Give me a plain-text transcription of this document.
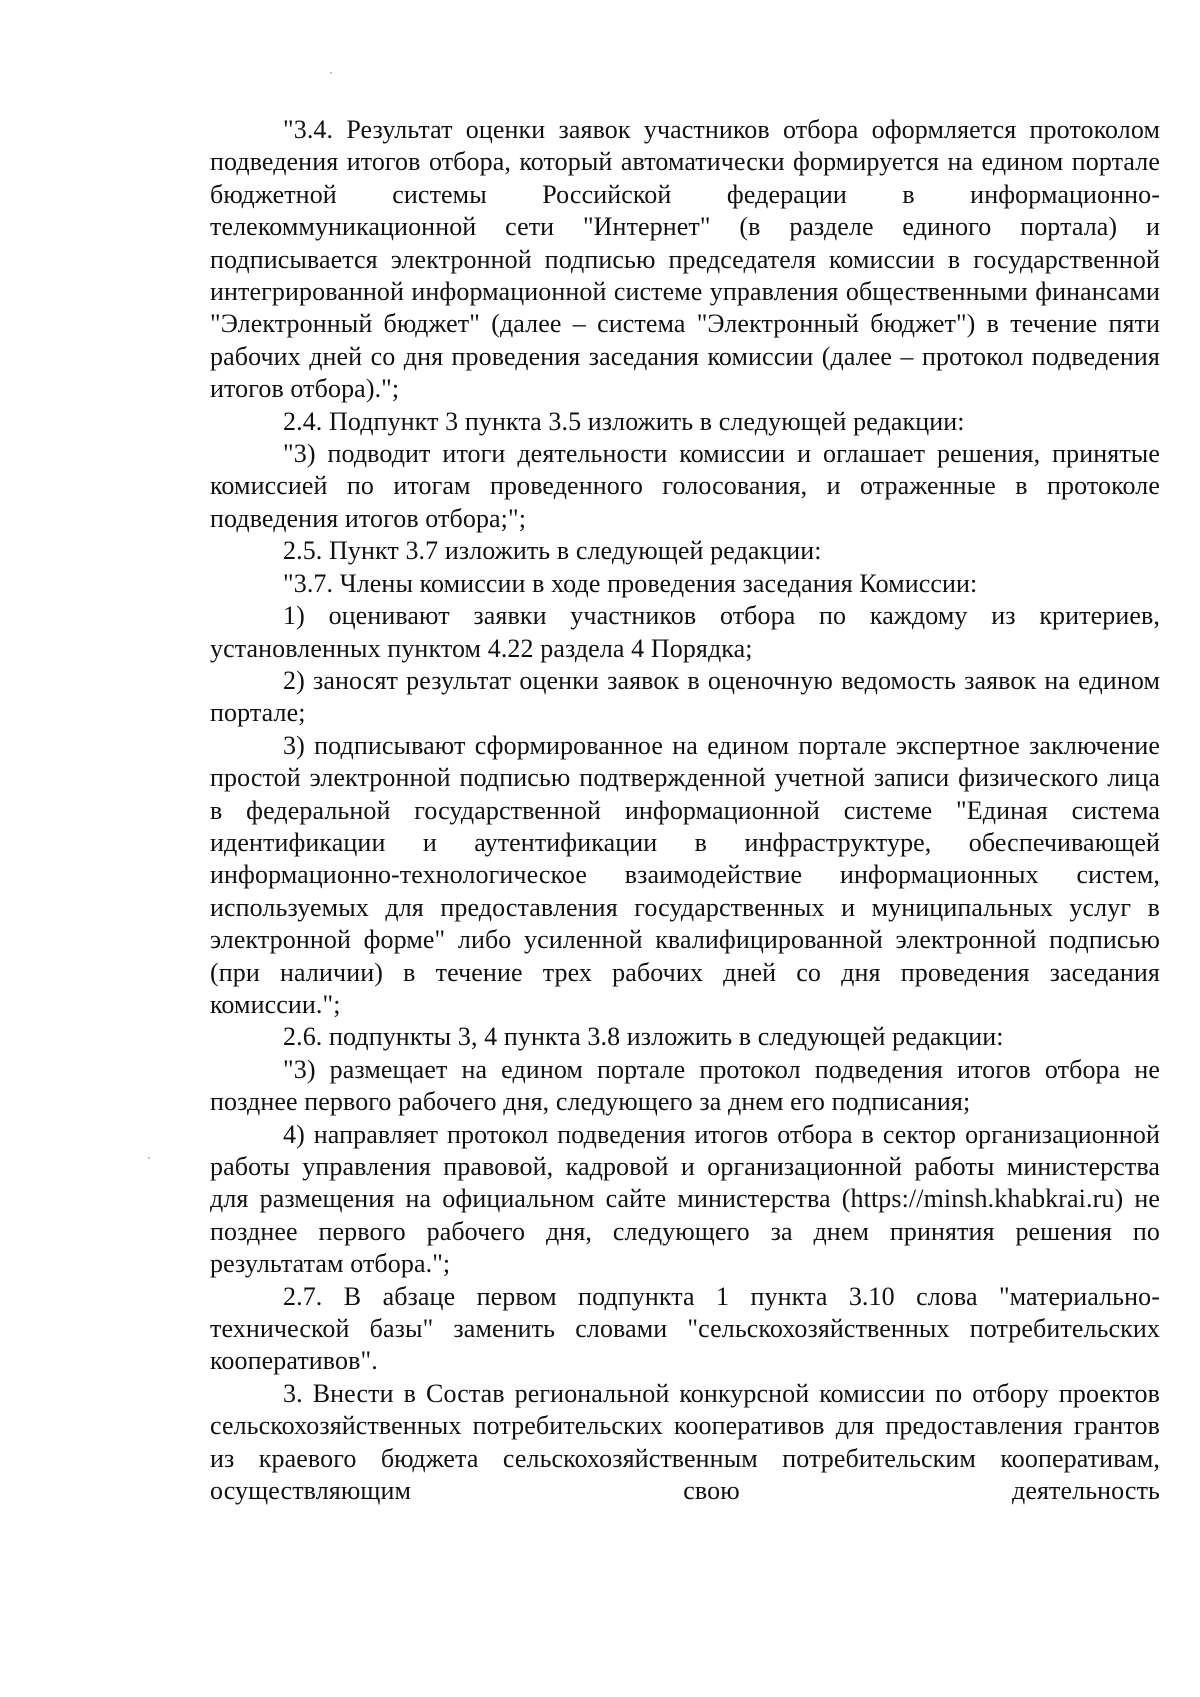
"3.4. Результат оценки заявок участников отбора оформляется протоколом подведения итогов отбора, который автоматически формируется на едином портале бюджетной системы Российской федерации в информационно-телекоммуникационной сети "Интернет" (в разделе единого портала) и подписывается электронной подписью председателя комиссии в государственной интегрированной информационной системе управления общественными финансами "Электронный бюджет" (далее – система "Электронный бюджет") в течение пяти рабочих дней со дня проведения заседания комиссии (далее – протокол подведения итогов отбора).";

2.4. Подпункт 3 пункта 3.5 изложить в следующей редакции:

"3) подводит итоги деятельности комиссии и оглашает решения, принятые комиссией по итогам проведенного голосования, и отраженные в протоколе подведения итогов отбора;";

2.5. Пункт 3.7 изложить в следующей редакции:

"3.7. Члены комиссии в ходе проведения заседания Комиссии:

1) оценивают заявки участников отбора по каждому из критериев, установленных пунктом 4.22 раздела 4 Порядка;

2) заносят результат оценки заявок в оценочную ведомость заявок на едином портале;

3) подписывают сформированное на едином портале экспертное заключение простой электронной подписью подтвержденной учетной записи физического лица в федеральной государственной информационной системе "Единая система идентификации и аутентификации в инфраструктуре, обеспечивающей информационно-технологическое взаимодействие информационных систем, используемых для предоставления государственных и муниципальных услуг в электронной форме" либо усиленной квалифицированной электронной подписью (при наличии) в течение трех рабочих дней со дня проведения заседания комиссии.";

2.6. подпункты 3, 4 пункта 3.8 изложить в следующей редакции:

"3) размещает на едином портале протокол подведения итогов отбора не позднее первого рабочего дня, следующего за днем его подписания;

4) направляет протокол подведения итогов отбора в сектор организационной работы управления правовой, кадровой и организационной работы министерства для размещения на официальном сайте министерства (https://minsh.khabkrai.ru) не позднее первого рабочего дня, следующего за днем принятия решения по результатам отбора.";

2.7. В абзаце первом подпункта 1 пункта 3.10 слова "материально-технической базы" заменить словами "сельскохозяйственных потребительских кооперативов".

3. Внести в Состав региональной конкурсной комиссии по отбору проектов сельскохозяйственных потребительских кооперативов для предоставления грантов из краевого бюджета сельскохозяйственным потребительским кооперативам, осуществляющим свою деятельность
